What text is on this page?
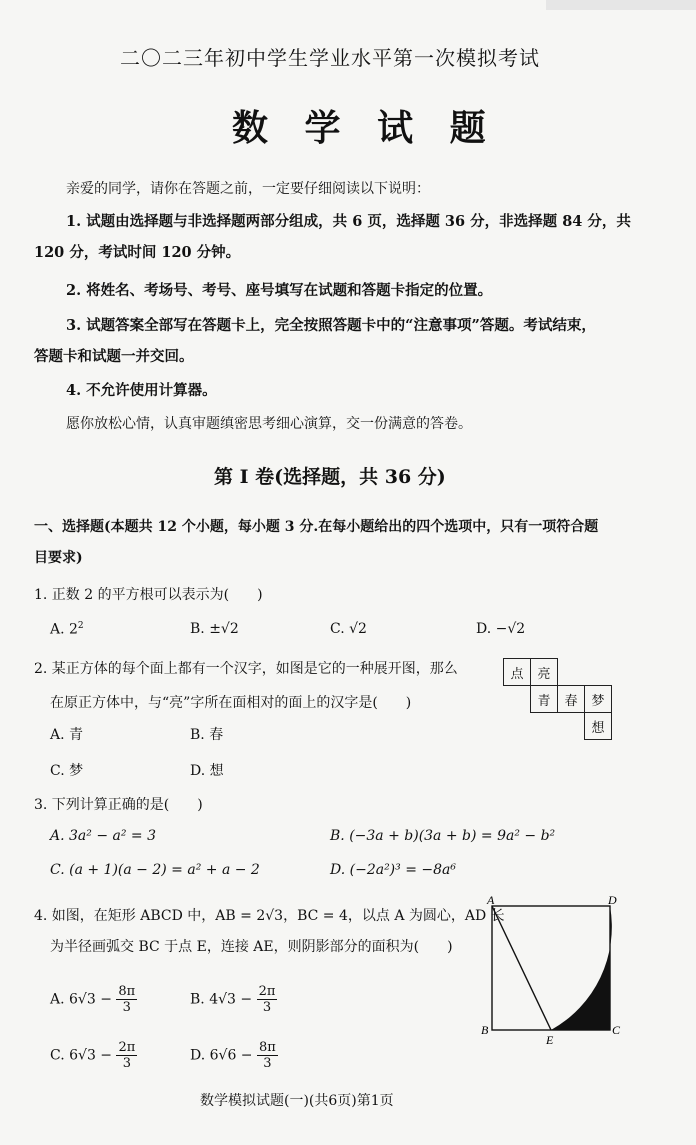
二〇二三年初中学生学业水平第一次模拟考试
数 学 试 题
亲爱的同学，请你在答题之前，一定要仔细阅读以下说明：
1. 试题由选择题与非选择题两部分组成，共 6 页，选择题 36 分，非选择题 84 分，共
120 分，考试时间 120 分钟。
2. 将姓名、考场号、考号、座号填写在试题和答题卡指定的位置。
3. 试题答案全部写在答题卡上，完全按照答题卡中的“注意事项”答题。考试结束，
答题卡和试题一并交回。
4. 不允许使用计算器。
愿你放松心情，认真审题缜密思考细心演算，交一份满意的答卷。
第 I 卷(选择题，共 36 分)
一、选择题(本题共 12 个小题，每小题 3 分.在每小题给出的四个选项中，只有一项符合题
目要求)
1. 正数 2 的平方根可以表示为(　　)
A. $2^2$	B. ±√2	C. √2	D. −√2
2. 某正方体的每个面上都有一个汉字，如图是它的一种展开图，那么
在原正方体中，与“亮”字所在面相对的面上的汉字是(　　)
A. 青	B. 春
C. 梦	D. 想
点	亮		
	青	春	梦
			想
3. 下列计算正确的是(　　)
A. 3a² − a² = 3	B. (−3a + b)(3a + b) = 9a² − b²
C. (a + 1)(a − 2) = a² + a − 2	D. (−2a²)³ = −8a⁶
4. 如图，在矩形 ABCD 中，AB = 2√3，BC = 4，以点 A 为圆心，AD 长
为半径画弧交 BC 于点 E，连接 AE，则阴影部分的面积为(　　)
A. $6√3 - \frac{8\pi}{3}$	B. $4√3 - \frac{2\pi}{3}$
C. $6√3 - \frac{2\pi}{3}$	D. $6√6 - \frac{8\pi}{3}$
A	D
B	C
E
数学模拟试题(一)(共6页)第1页
